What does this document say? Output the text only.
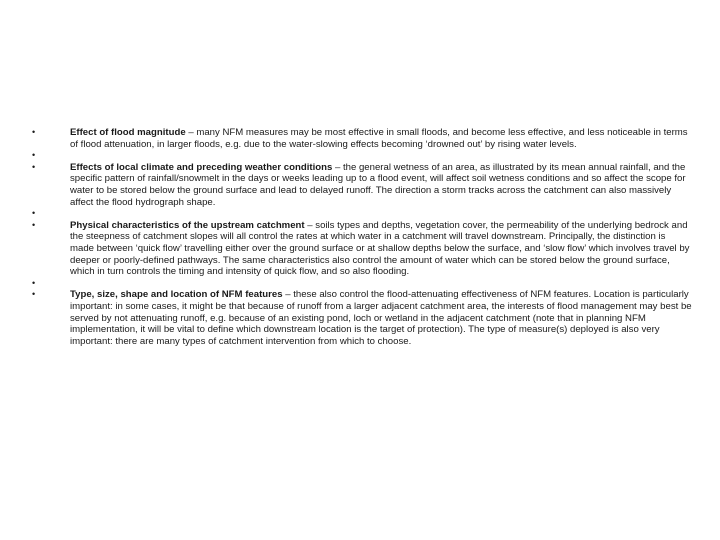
•	Effect of flood magnitude – many NFM measures may be most effective in small floods, and become less effective, and less noticeable in terms of flood attenuation, in larger floods, e.g. due to the water-slowing effects becoming ‘drowned out’ by rising water levels.
•
•	Effects of local climate and preceding weather conditions – the general wetness of an area, as illustrated by its mean annual rainfall, and the specific pattern of rainfall/snowmelt in the days or weeks leading up to a flood event, will affect soil wetness conditions and so affect the scope for water to be stored below the ground surface and lead to delayed runoff. The direction a storm tracks across the catchment can also massively affect the flood hydrograph shape.
•
•	Physical characteristics of the upstream catchment – soils types and depths, vegetation cover, the permeability of the underlying bedrock and the steepness of catchment slopes will all control the rates at which water in a catchment will travel downstream. Principally, the distinction is made between ‘quick flow’ travelling either over the ground surface or at shallow depths below the surface, and ‘slow flow’ which involves travel by deeper or poorly-defined pathways. The same characteristics also control the amount of water which can be stored below the ground surface, which in turn controls the timing and intensity of quick flow, and so also flooding.
•
•	Type, size, shape and location of NFM features – these also control the flood-attenuating effectiveness of NFM features. Location is particularly important: in some cases, it might be that because of runoff from a larger adjacent catchment area, the interests of flood management may best be served by not attenuating runoff, e.g. because of an existing pond, loch or wetland in the adjacent catchment (note that in planning NFM implementation, it will be vital to define which downstream location is the target of protection). The type of measure(s) deployed is also very important: there are many types of catchment intervention from which to choose.
